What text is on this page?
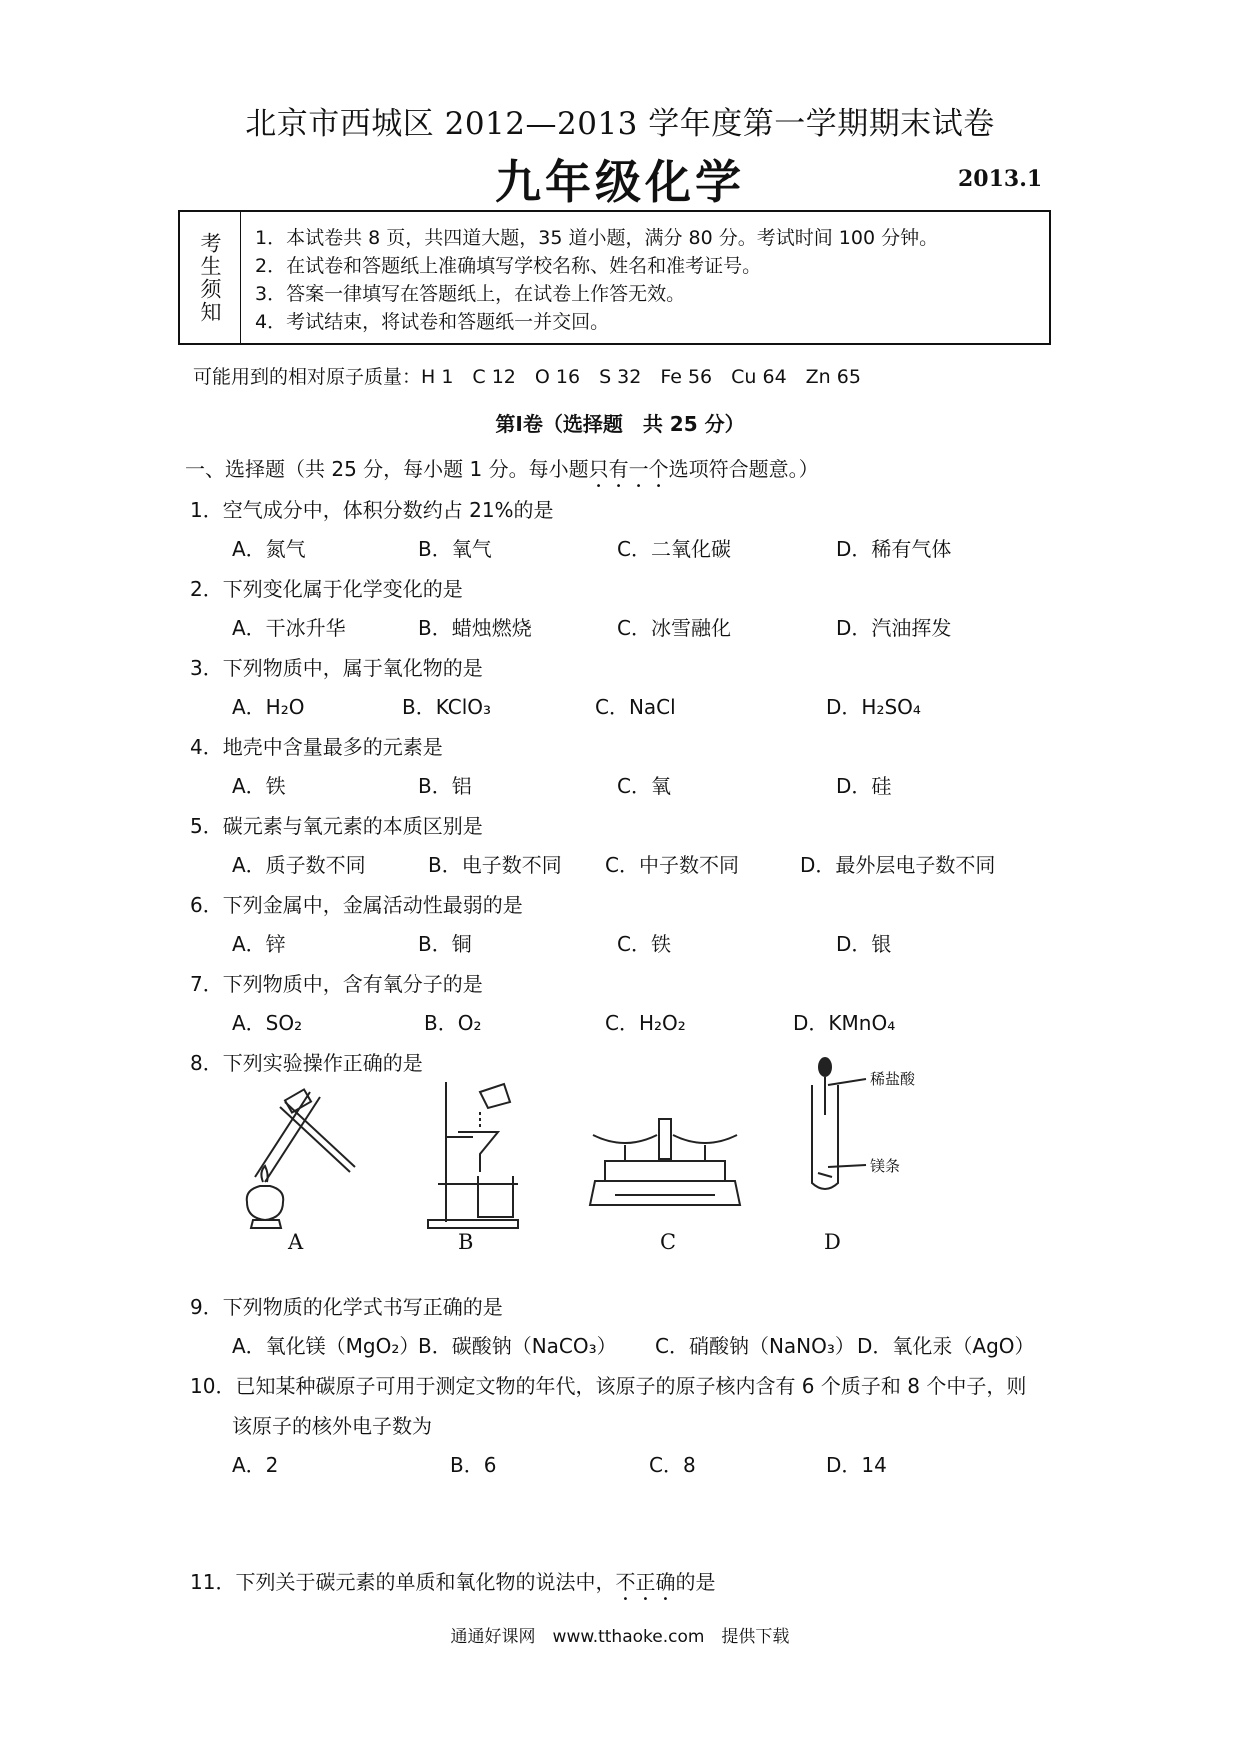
北京市西城区 2012—2013 学年度第一学期期末试卷
九年级化学	2013.1
考生须知 1．本试卷共 8 页，共四道大题，35 道小题，满分 80 分。考试时间 100 分钟。
2．在试卷和答题纸上准确填写学校名称、姓名和准考证号。
3．答案一律填写在答题纸上，在试卷上作答无效。
4．考试结束，将试卷和答题纸一并交回。
可能用到的相对原子质量：H 1　C 12　O 16　S 32　Fe 56　Cu 64　Zn 65
第Ⅰ卷（选择题　共 25 分）
一、选择题（共 25 分，每小题 1 分。每小题只有一个选项符合题意。）
1．空气成分中，体积分数约占 21%的是
A．氮气	B．氧气	C．二氧化碳	D．稀有气体
2．下列变化属于化学变化的是
A．干冰升华	B．蜡烛燃烧	C．冰雪融化	D．汽油挥发
3．下列物质中，属于氧化物的是
A．H₂O	B．KClO₃	C．NaCl	D．H₂SO₄
4．地壳中含量最多的元素是
A．铁	B．铝	C．氧	D．硅
5．碳元素与氧元素的本质区别是
A．质子数不同	B．电子数不同 C．中子数不同	D．最外层电子数不同
6．下列金属中，金属活动性最弱的是
A．锌	B．铜	C．铁	D．银
7．下列物质中，含有氧分子的是
A．SO₂	B．O₂	C．H₂O₂	D．KMnO₄
8．下列实验操作正确的是
稀盐酸
镁条
A	B	C	D
9．下列物质的化学式书写正确的是
A．氧化镁（MgO₂）
B．碳酸钠（NaCO₃） C．硝酸钠（NaNO₃） D．氧化汞（AgO）
10．已知某种碳原子可用于测定文物的年代，该原子的原子核内含有 6 个质子和 8 个中子，则
该原子的核外电子数为
A．2	B．6	C．8	D．14
11．下列关于碳元素的单质和氧化物的说法中，不正确的是
通通好课网　www.tthaoke.com　提供下载
